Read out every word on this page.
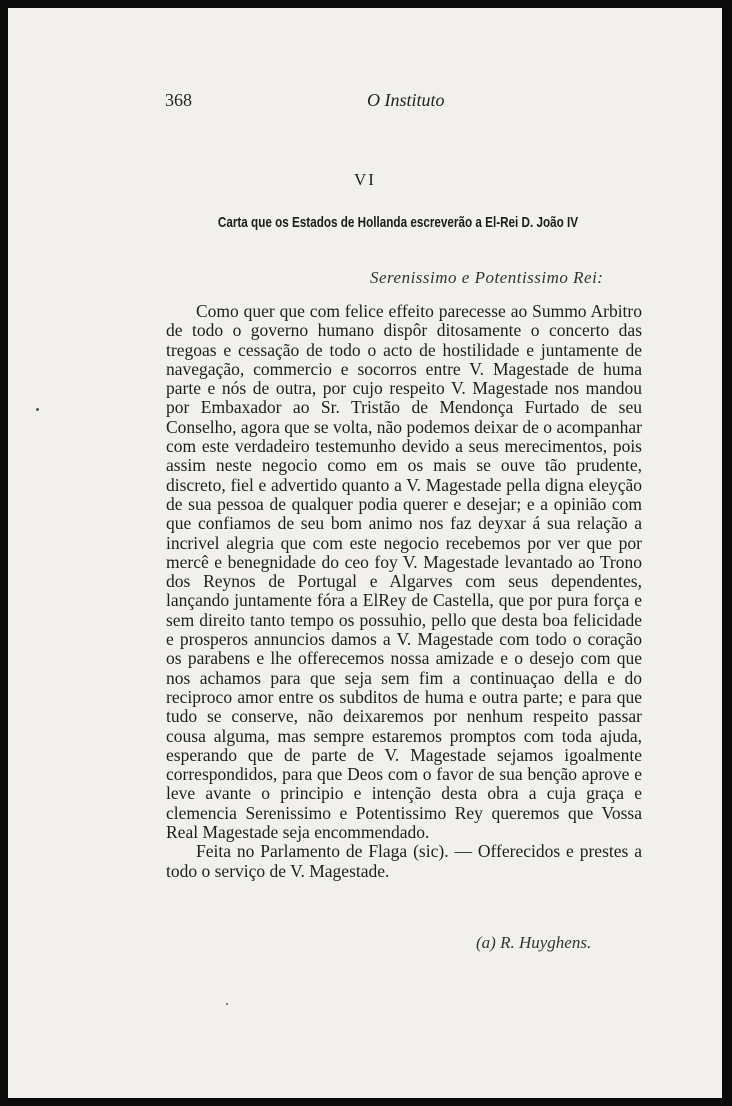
368	O Instituto
VI
Carta que os Estados de Hollanda escreverão a El-Rei D. João IV
Serenissimo e Potentissimo Rei:

Como quer que com felice effeito parecesse ao Summo Arbitro de todo o governo humano dispôr ditosamente o concerto das tregoas e cessação de todo o acto de hostilidade e juntamente de navegação, commercio e socorros entre V. Magestade de huma parte e nós de outra, por cujo respeito V. Magestade nos mandou por Embaxador ao Sr. Tristão de Mendonça Furtado de seu Conselho, agora que se volta, não podemos deixar de o acompanhar com este verdadeiro testemunho devido a seus merecimentos, pois assim neste negocio como em os mais se ouve tão prudente, discreto, fiel e advertido quanto a V. Magestade pella digna eleyção de sua pessoa de qualquer podia querer e desejar; e a opinião com que confiamos de seu bom animo nos faz deyxar á sua relação a incrivel alegria que com este negocio recebemos por ver que por mercê e benegnidade do ceo foy V. Magestade levantado ao Trono dos Reynos de Portugal e Algarves com seus dependentes, lançando juntamente fóra a ElRey de Castella, que por pura força e sem direito tanto tempo os possuhio, pello que desta boa felicidade e prosperos annuncios damos a V. Magestade com todo o coração os parabens e lhe offerecemos nossa amizade e o desejo com que nos achamos para que seja sem fim a continuaçao della e do reciproco amor entre os subditos de huma e outra parte; e para que tudo se conserve, não deixaremos por nenhum respeito passar cousa alguma, mas sempre estaremos promptos com toda ajuda, esperando que de parte de V. Magestade sejamos igoalmente correspondidos, para que Deos com o favor de sua benção aprove e leve avante o principio e intenção desta obra a cuja graça e clemencia Serenissimo e Potentissimo Rey queremos que Vossa Real Magestade seja encommendado.

Feita no Parlamento de Flaga (sic). — Offerecidos e prestes a todo o serviço de V. Magestade.

(a) R. Huyghens.
